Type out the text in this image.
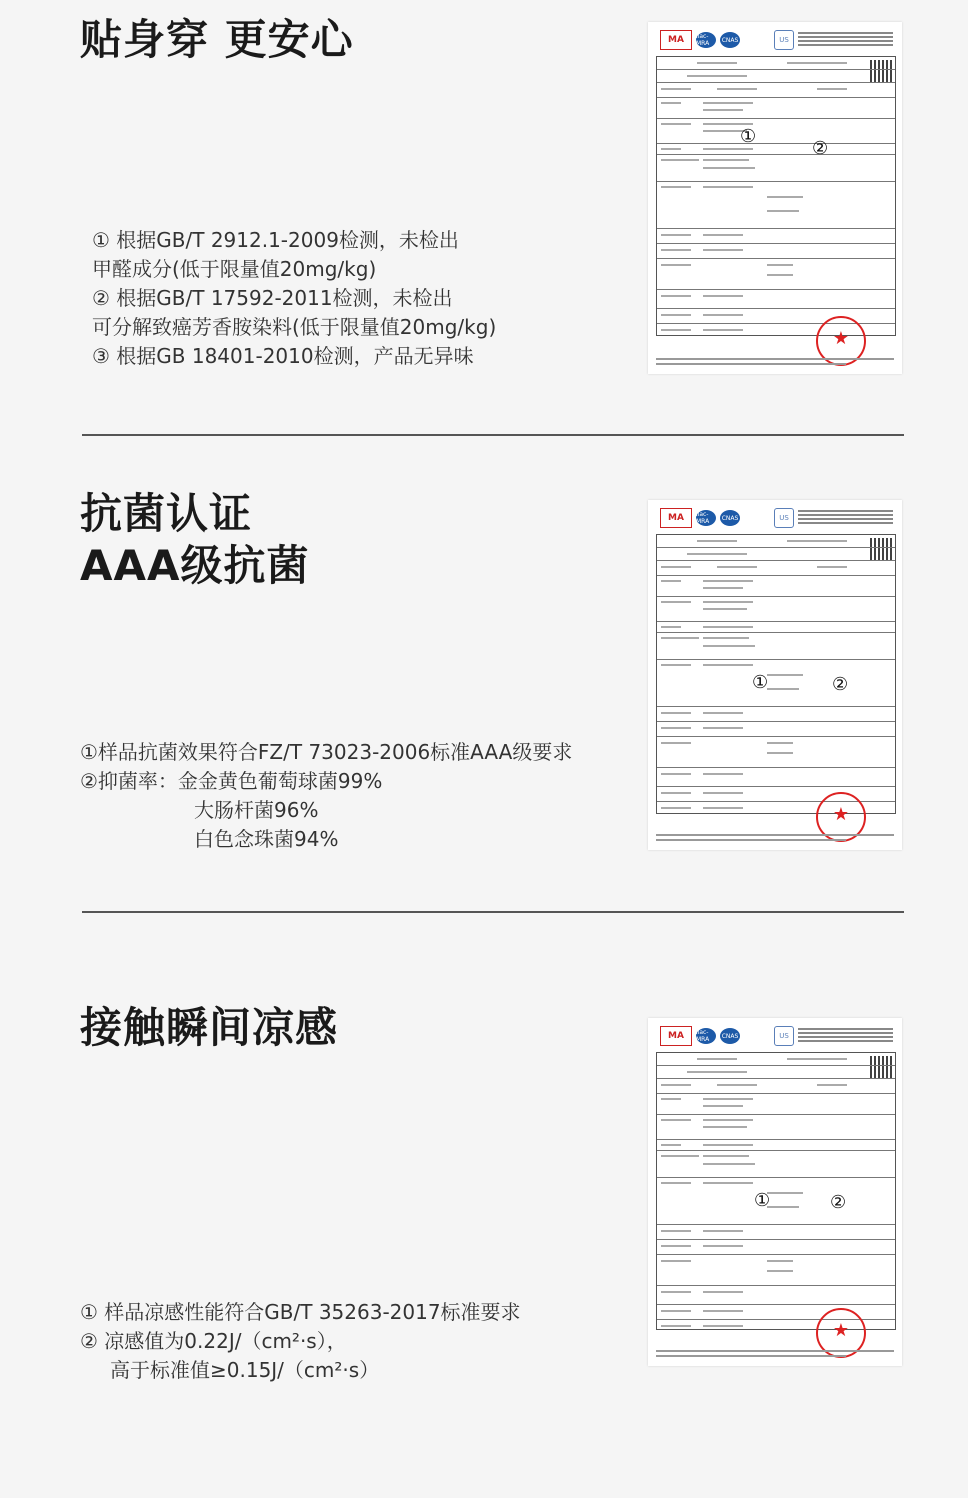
贴身穿 更安心
① 根据GB/T 2912.1-2009检测，未检出
甲醛成分(低于限量值20mg/kg)
② 根据GB/T 17592-2011检测，未检出
可分解致癌芳香胺染料(低于限量值20mg/kg)
③ 根据GB 18401-2010检测，产品无异味
MA	ilac-MRA	CNAS	US
①
②
★
抗菌认证
AAA级抗菌
①样品抗菌效果符合FZ/T 73023-2006标准AAA级要求
②抑菌率：金金黄色葡萄球菌99%
大肠杆菌96%
白色念珠菌94%
MA	ilac-MRA	CNAS	US
①	②
★
接触瞬间凉感
① 样品凉感性能符合GB/T 35263-2017标准要求
② 凉感值为0.22J/（cm²·s），
高于标准值≥0.15J/（cm²·s）
MA	ilac-MRA	CNAS	US
①	②
★
